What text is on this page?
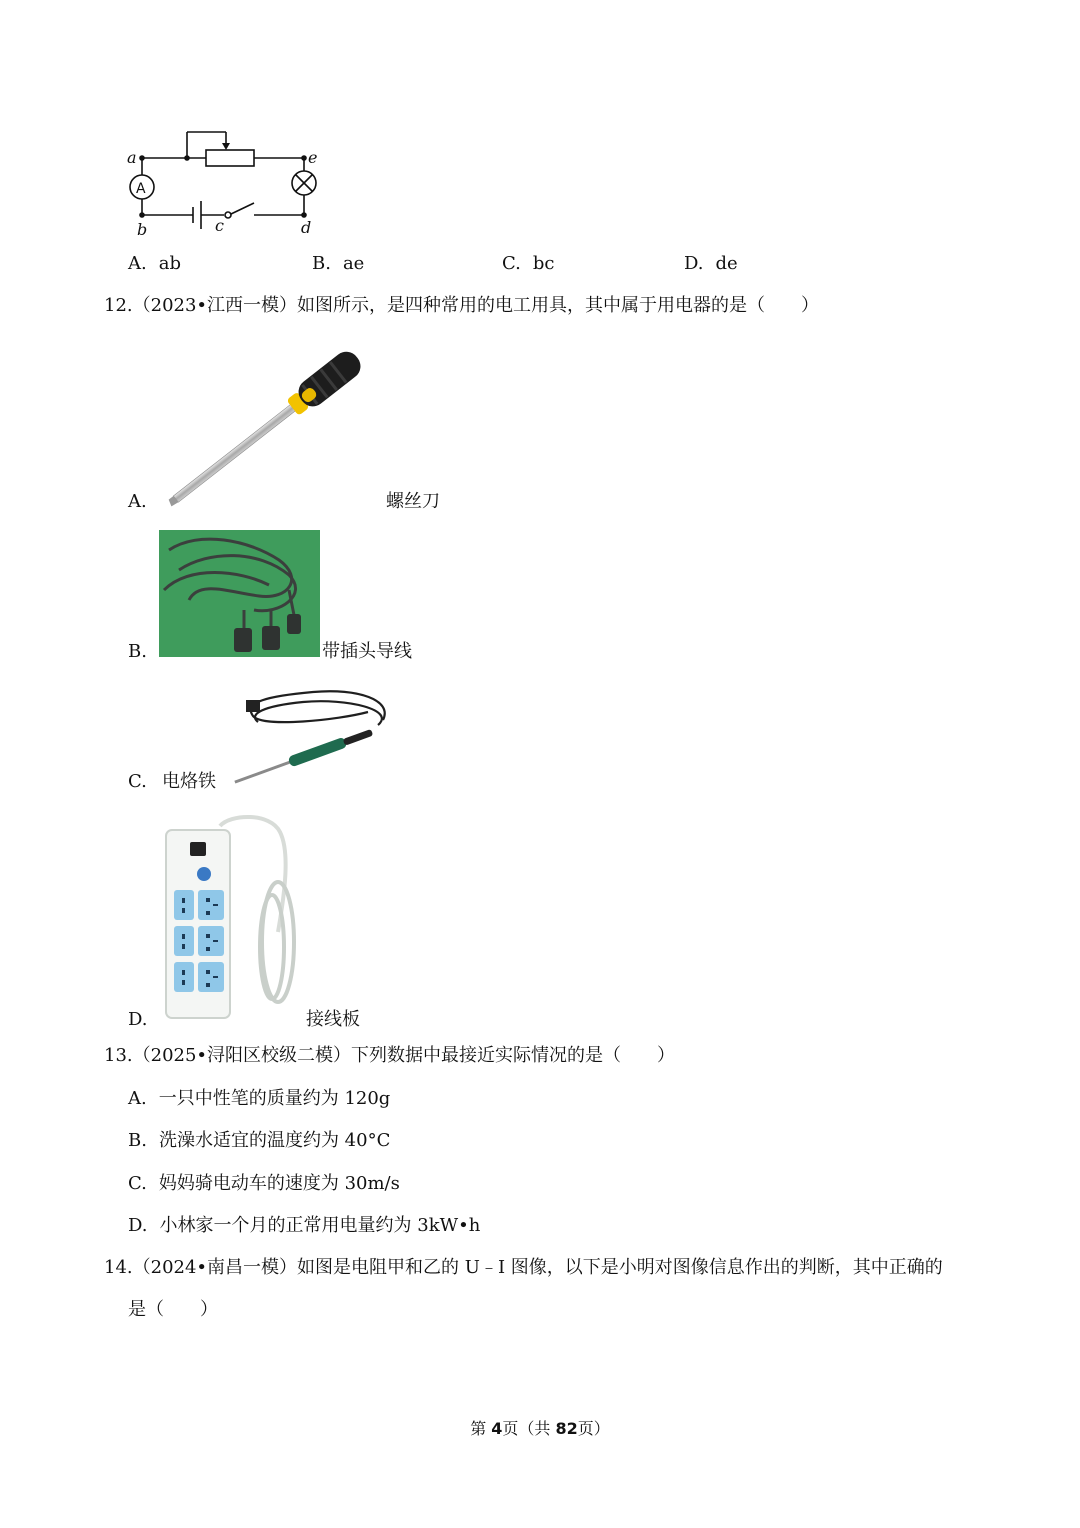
a	e
b	c	d
A
A. ab	B. ae	C. bc	D. de
12.（2023•江西一模）如图所示，是四种常用的电工用具，其中属于用电器的是（　　）
A.	螺丝刀
B.	带插头导线
C. 电烙铁
D.	接线板
13.（2025•浔阳区校级二模）下列数据中最接近实际情况的是（　　）
A. 一只中性笔的质量约为 120g
B. 洗澡水适宜的温度约为 40°C
C. 妈妈骑电动车的速度为 30m/s
D. 小林家一个月的正常用电量约为 3kW•h
14.（2024•南昌一模）如图是电阻甲和乙的 U﹣I 图像，以下是小明对图像信息作出的判断，其中正确的
是（　　）
第 4页（共 82页）
